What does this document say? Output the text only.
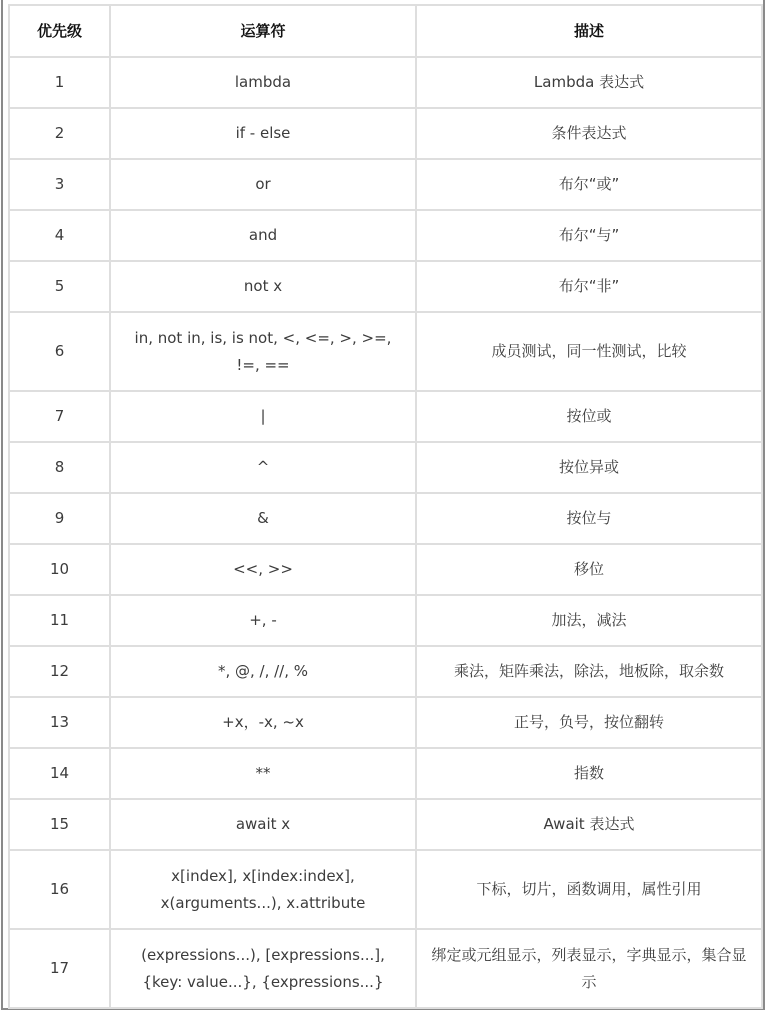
优先级	运算符	描述
1	lambda	Lambda 表达式
2	if - else	条件表达式
3	or	布尔“或”
4	and	布尔“与”
5	not x	布尔“非”
6	in, not in, is, is not, <, <=, >, >=, !=, ==	成员测试，同一性测试，比较
7	|	按位或
8	^	按位异或
9	&	按位与
10	<<, >>	移位
11	+, -	加法，减法
12	*, @, /, //, %	乘法，矩阵乘法，除法，地板除，取余数
13	+x，-x, ~x	正号，负号，按位翻转
14	**	指数
15	await x	Await 表达式
16	x[index], x[index:index], x(arguments...), x.attribute	下标，切片，函数调用，属性引用
17	(expressions...), [expressions...], {key: value...}, {expressions...}	绑定或元组显示，列表显示，字典显示，集合显示
